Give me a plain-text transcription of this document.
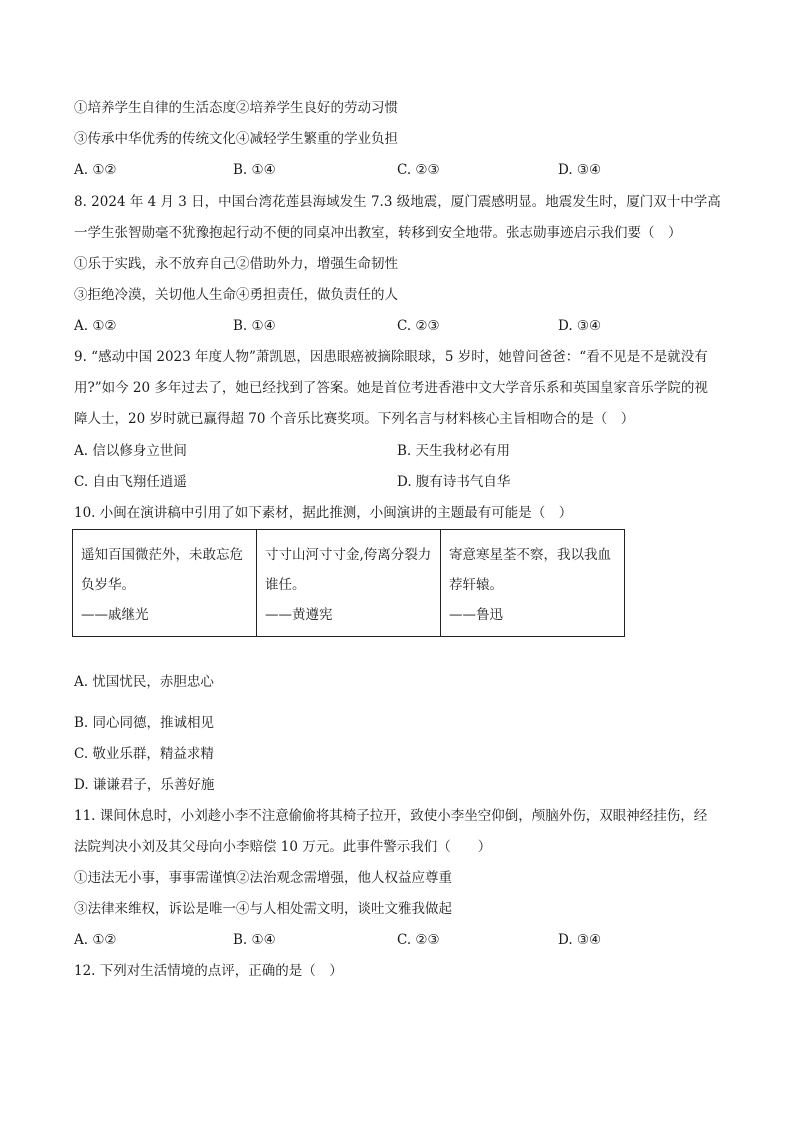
①培养学生自律的生活态度②培养学生良好的劳动习惯
③传承中华优秀的传统文化④减轻学生繁重的学业负担
A. ①②	B. ①④	C. ②③	D. ③④
8. 2024 年 4 月 3 日，中国台湾花莲县海域发生 7.3 级地震，厦门震感明显。地震发生时，厦门双十中学高
一学生张智勋毫不犹豫抱起行动不便的同桌冲出教室，转移到安全地带。张志勋事迹启示我们要（　）
①乐于实践，永不放弃自己②借助外力，增强生命韧性
③拒绝冷漠，关切他人生命④勇担责任，做负责任的人
A. ①②	B. ①④	C. ②③	D. ③④
9. “感动中国 2023 年度人物”萧凯恩，因患眼癌被摘除眼球，5 岁时，她曾问爸爸：“看不见是不是就没有
用?”如今 20 多年过去了，她已经找到了答案。她是首位考进香港中文大学音乐系和英国皇家音乐学院的视
障人士，20 岁时就已赢得超 70 个音乐比赛奖项。下列名言与材料核心主旨相吻合的是（　）
A. 信以修身立世间	B. 天生我材必有用
C. 自由飞翔任逍遥	D. 腹有诗书气自华
10. 小闽在演讲稿中引用了如下素材，据此推测，小闽演讲的主题最有可能是（　）
遥知百国微茫外，未敢忘危负岁华。
——戚继光

寸寸山河寸寸金,侉离分裂力谁任。
——黄遵宪

寄意寒星荃不察，我以我血荐轩辕。
——鲁迅
A. 忧国忧民，赤胆忠心
B. 同心同德，推诚相见
C. 敬业乐群，精益求精
D. 谦谦君子，乐善好施
11. 课间休息时，小刘趁小李不注意偷偷将其椅子拉开，致使小李坐空仰倒，颅脑外伤，双眼神经挂伤，经
法院判决小刘及其父母向小李赔偿 10 万元。此事件警示我们（　　）
①违法无小事，事事需谨慎②法治观念需增强，他人权益应尊重
③法律来维权，诉讼是唯一④与人相处需文明，谈吐文雅我做起
A. ①②	B. ①④	C. ②③	D. ③④
12. 下列对生活情境的点评，正确的是（　）
